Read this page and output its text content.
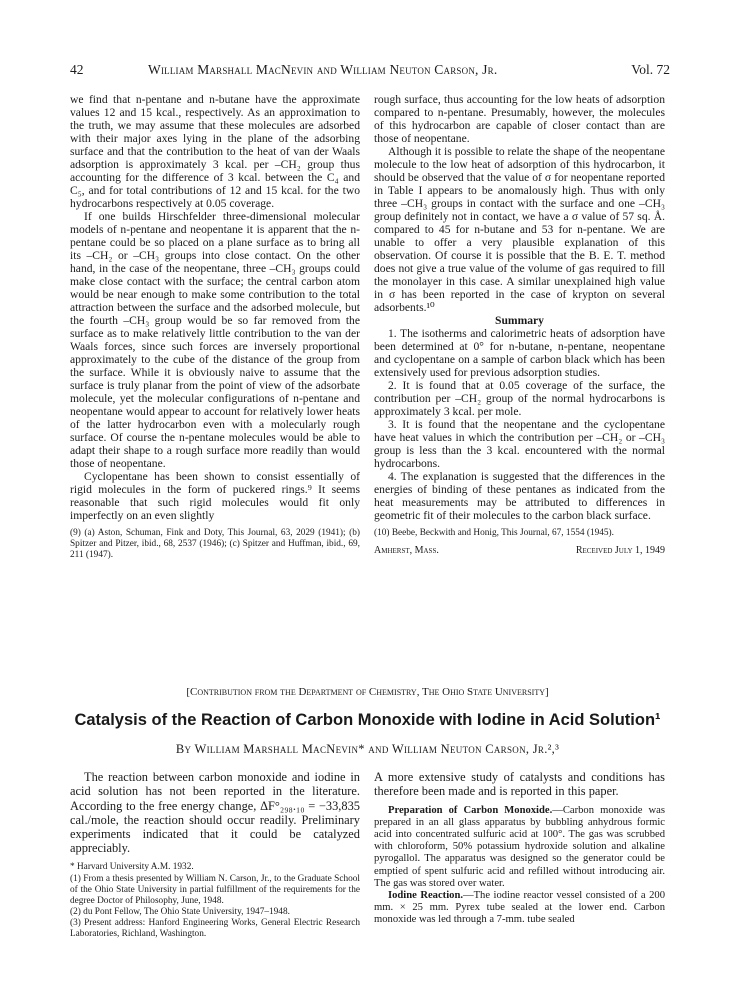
42	William Marshall MacNevin and William Neuton Carson, Jr.	Vol. 72

we find that n-pentane and n-butane have the approximate values 12 and 15 kcal., respectively. As an approximation to the truth, we may assume that these molecules are adsorbed with their major axes lying in the plane of the adsorbing surface and that the contribution to the heat of van der Waals adsorption is approximately 3 kcal. per –CH₂ group thus accounting for the difference of 3 kcal. between the C₄ and C₅, and for total contributions of 12 and 15 kcal. for the two hydrocarbons respectively at 0.05 coverage.

If one builds Hirschfelder three-dimensional molecular models of n-pentane and neopentane it is apparent that the n-pentane could be so placed on a plane surface as to bring all its –CH₂ or –CH₃ groups into close contact. On the other hand, in the case of the neopentane, three –CH₃ groups could make close contact with the surface; the central carbon atom would be near enough to make some contribution to the total attraction between the surface and the adsorbed molecule, but the fourth –CH₃ group would be so far removed from the surface as to make relatively little contribution to the van der Waals forces, since such forces are inversely proportional approximately to the cube of the distance of the group from the surface. While it is obviously naive to assume that the surface is truly planar from the point of view of the adsorbate molecule, yet the molecular configurations of n-pentane and neopentane would appear to account for relatively lower heats of the latter hydrocarbon even with a molecularly rough surface. Of course the n-pentane molecules would be able to adapt their shape to a rough surface more readily than would those of neopentane.

Cyclopentane has been shown to consist essentially of rigid molecules in the form of puckered rings.⁹ It seems reasonable that such rigid molecules would fit only imperfectly on an even slightly

(9) (a) Aston, Schuman, Fink and Doty, This Journal, 63, 2029 (1941); (b) Spitzer and Pitzer, ibid., 68, 2537 (1946); (c) Spitzer and Huffman, ibid., 69, 211 (1947).

rough surface, thus accounting for the low heats of adsorption compared to n-pentane. Presumably, however, the molecules of this hydrocarbon are capable of closer contact than are those of neopentane.

Although it is possible to relate the shape of the neopentane molecule to the low heat of adsorption of this hydrocarbon, it should be observed that the value of σ for neopentane reported in Table I appears to be anomalously high. Thus with only three –CH₃ groups in contact with the surface and one –CH₃ group definitely not in contact, we have a σ value of 57 sq. Å. compared to 45 for n-butane and 53 for n-pentane. We are unable to offer a very plausible explanation of this observation. Of course it is possible that the B. E. T. method does not give a true value of the volume of gas required to fill the monolayer in this case. A similar unexplained high value in σ has been reported in the case of krypton on several adsorbents.¹⁰

Summary

1. The isotherms and calorimetric heats of adsorption have been determined at 0° for n-butane, n-pentane, neopentane and cyclopentane on a sample of carbon black which has been extensively used for previous adsorption studies.

2. It is found that at 0.05 coverage of the surface, the contribution per –CH₂ group of the normal hydrocarbons is approximately 3 kcal. per mole.

3. It is found that the neopentane and the cyclopentane have heat values in which the contribution per –CH₂ or –CH₃ group is less than the 3 kcal. encountered with the normal hydrocarbons.

4. The explanation is suggested that the differences in the energies of binding of these pentanes as indicated from the heat measurements may be attributed to differences in geometric fit of their molecules to the carbon black surface.

(10) Beebe, Beckwith and Honig, This Journal, 67, 1554 (1945).

Amherst, Mass.	Received July 1, 1949
[Contribution from the Department of Chemistry, The Ohio State University]
Catalysis of the Reaction of Carbon Monoxide with Iodine in Acid Solution¹
By William Marshall MacNevin* and William Neuton Carson, Jr.²,³

The reaction between carbon monoxide and iodine in acid solution has not been reported in the literature. According to the free energy change, ΔF°₂₉₈.₁₀ = −33,835 cal./mole, the reaction should occur readily. Preliminary experiments indicated that it could be catalyzed appreciably.

* Harvard University A.M. 1932.

(1) From a thesis presented by William N. Carson, Jr., to the Graduate School of the Ohio State University in partial fulfillment of the requirements for the degree Doctor of Philosophy, June, 1948.

(2) du Pont Fellow, The Ohio State University, 1947–1948.

(3) Present address: Hanford Engineering Works, General Electric Research Laboratories, Richland, Washington.

A more extensive study of catalysts and conditions has therefore been made and is reported in this paper.

Preparation of Carbon Monoxide.—Carbon monoxide was prepared in an all glass apparatus by bubbling anhydrous formic acid into concentrated sulfuric acid at 100°. The gas was scrubbed with chloroform, 50% potassium hydroxide solution and alkaline pyrogallol. The apparatus was designed so the generator could be emptied of spent sulfuric acid and refilled without introducing air. The gas was stored over water.

Iodine Reaction.—The iodine reactor vessel consisted of a 200 mm. × 25 mm. Pyrex tube sealed at the lower end. Carbon monoxide was led through a 7-mm. tube sealed
